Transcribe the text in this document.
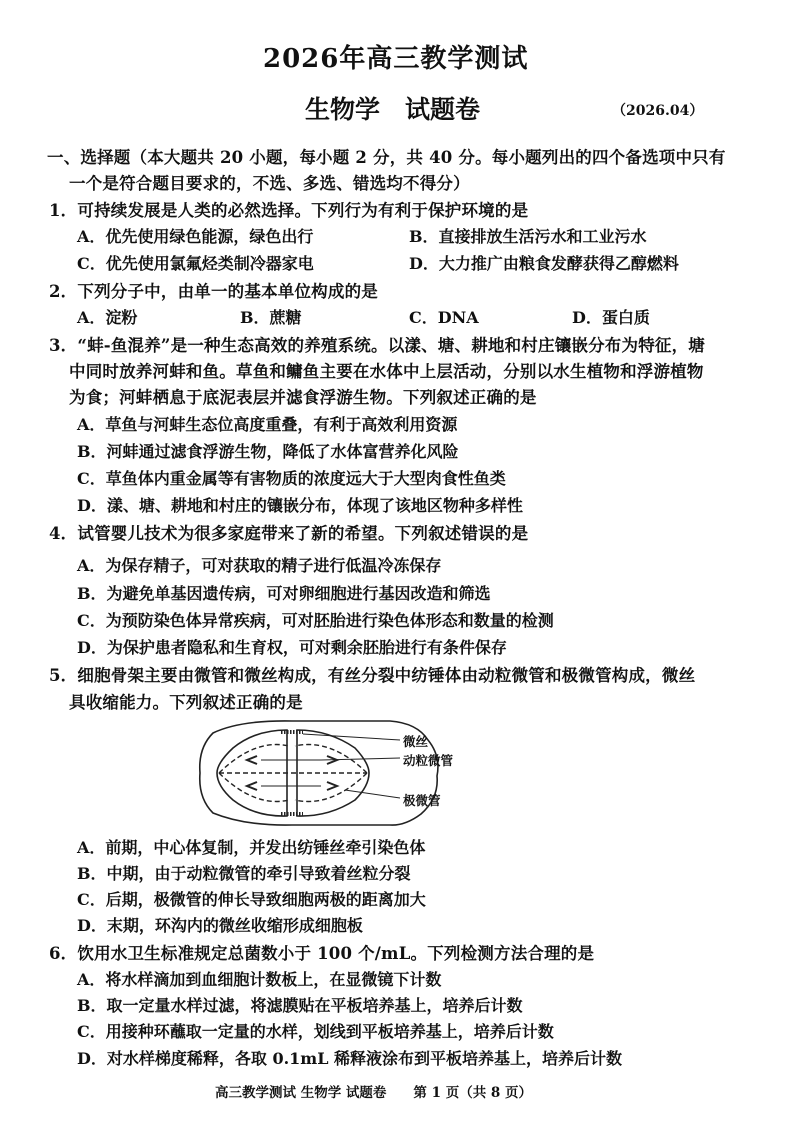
2026年高三教学测试
生物学　试题卷	（2026.04）
一、选择题（本大题共 20 小题，每小题 2 分，共 40 分。每小题列出的四个备选项中只有
一个是符合题目要求的，不选、多选、错选均不得分）
1．可持续发展是人类的必然选择。下列行为有利于保护环境的是
A．优先使用绿色能源，绿色出行	B．直接排放生活污水和工业污水
C．优先使用氯氟烃类制冷器家电	D．大力推广由粮食发酵获得乙醇燃料
2．下列分子中，由单一的基本单位构成的是
A．淀粉	B．蔗糖	C．DNA	D．蛋白质
3．“蚌-鱼混养”是一种生态高效的养殖系统。以漾、塘、耕地和村庄镶嵌分布为特征，塘
中同时放养河蚌和鱼。草鱼和鳙鱼主要在水体中上层活动，分别以水生植物和浮游植物
为食；河蚌栖息于底泥表层并滤食浮游生物。下列叙述正确的是
A．草鱼与河蚌生态位高度重叠，有利于高效利用资源
B．河蚌通过滤食浮游生物，降低了水体富营养化风险
C．草鱼体内重金属等有害物质的浓度远大于大型肉食性鱼类
D．漾、塘、耕地和村庄的镶嵌分布，体现了该地区物种多样性
4．试管婴儿技术为很多家庭带来了新的希望。下列叙述错误的是
A．为保存精子，可对获取的精子进行低温冷冻保存
B．为避免单基因遗传病，可对卵细胞进行基因改造和筛选
C．为预防染色体异常疾病，可对胚胎进行染色体形态和数量的检测
D．为保护患者隐私和生育权，可对剩余胚胎进行有条件保存
5．细胞骨架主要由微管和微丝构成，有丝分裂中纺锤体由动粒微管和极微管构成，微丝
具收缩能力。下列叙述正确的是
微丝
动粒微管
极微管
A．前期，中心体复制，并发出纺锤丝牵引染色体
B．中期，由于动粒微管的牵引导致着丝粒分裂
C．后期，极微管的伸长导致细胞两极的距离加大
D．末期，环沟内的微丝收缩形成细胞板
6．饮用水卫生标准规定总菌数小于 100 个/mL。下列检测方法合理的是
A．将水样滴加到血细胞计数板上，在显微镜下计数
B．取一定量水样过滤，将滤膜贴在平板培养基上，培养后计数
C．用接种环蘸取一定量的水样，划线到平板培养基上，培养后计数
D．对水样梯度稀释，各取 0.1mL 稀释液涂布到平板培养基上，培养后计数
高三教学测试 生物学 试题卷　　第 1 页（共 8 页）
